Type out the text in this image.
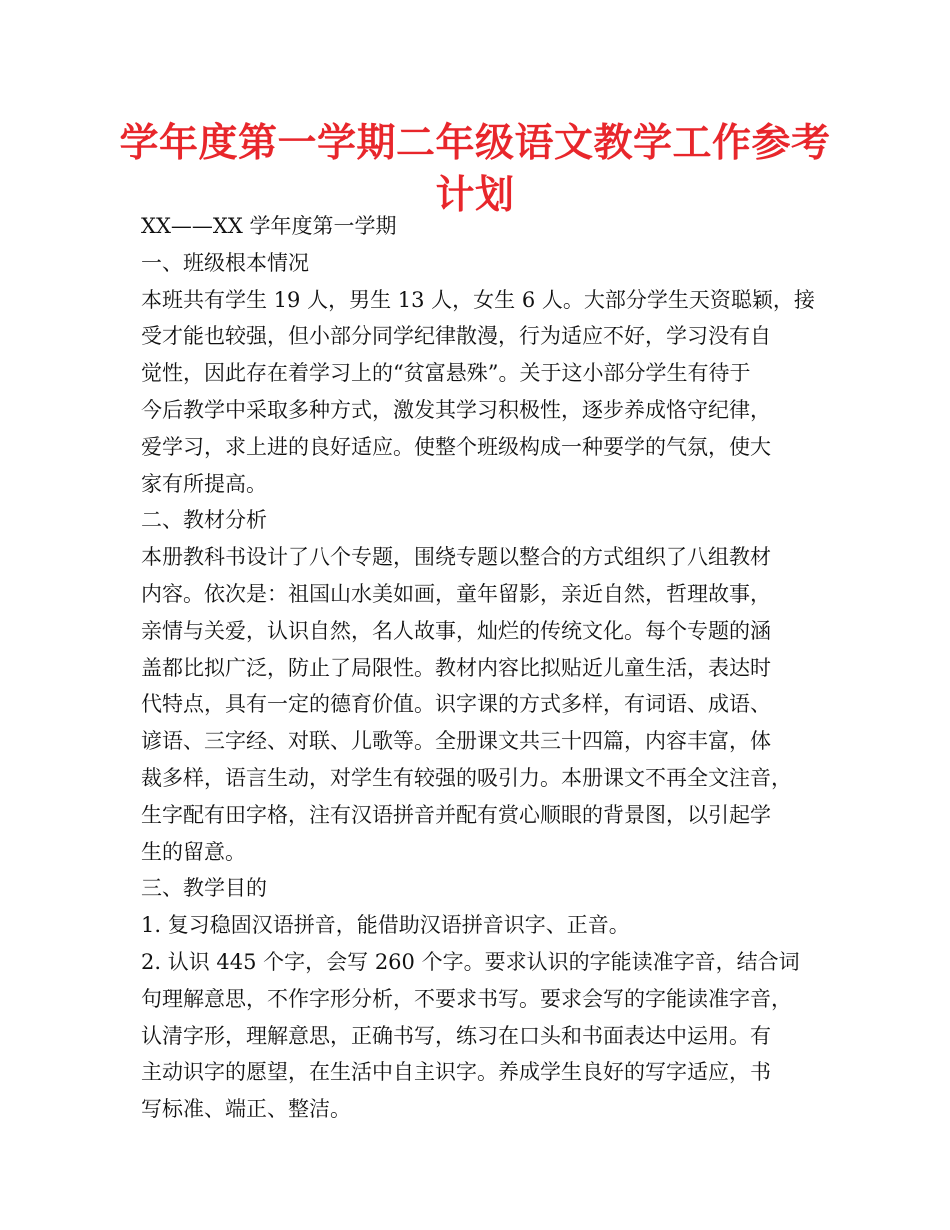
学年度第一学期二年级语文教学工作参考
计划
XX——XX 学年度第一学期
一、班级根本情况
本班共有学生 19 人，男生 13 人，女生 6 人。大部分学生天资聪颖，接
受才能也较强，但小部分同学纪律散漫，行为适应不好，学习没有自
觉性，因此存在着学习上的“贫富悬殊”。关于这小部分学生有待于
今后教学中采取多种方式，激发其学习积极性，逐步养成恪守纪律，
爱学习，求上进的良好适应。使整个班级构成一种要学的气氛，使大
家有所提高。
二、教材分析
本册教科书设计了八个专题，围绕专题以整合的方式组织了八组教材
内容。依次是：祖国山水美如画，童年留影，亲近自然，哲理故事，
亲情与关爱，认识自然，名人故事，灿烂的传统文化。每个专题的涵
盖都比拟广泛，防止了局限性。教材内容比拟贴近儿童生活，表达时
代特点，具有一定的德育价值。识字课的方式多样，有词语、成语、
谚语、三字经、对联、儿歌等。全册课文共三十四篇，内容丰富，体
裁多样，语言生动，对学生有较强的吸引力。本册课文不再全文注音，
生字配有田字格，注有汉语拼音并配有赏心顺眼的背景图，以引起学
生的留意。
三、教学目的
1. 复习稳固汉语拼音，能借助汉语拼音识字、正音。
2. 认识 445 个字，会写 260 个字。要求认识的字能读准字音，结合词
句理解意思，不作字形分析，不要求书写。要求会写的字能读准字音，
认清字形，理解意思，正确书写，练习在口头和书面表达中运用。有
主动识字的愿望，在生活中自主识字。养成学生良好的写字适应，书
写标准、端正、整洁。
